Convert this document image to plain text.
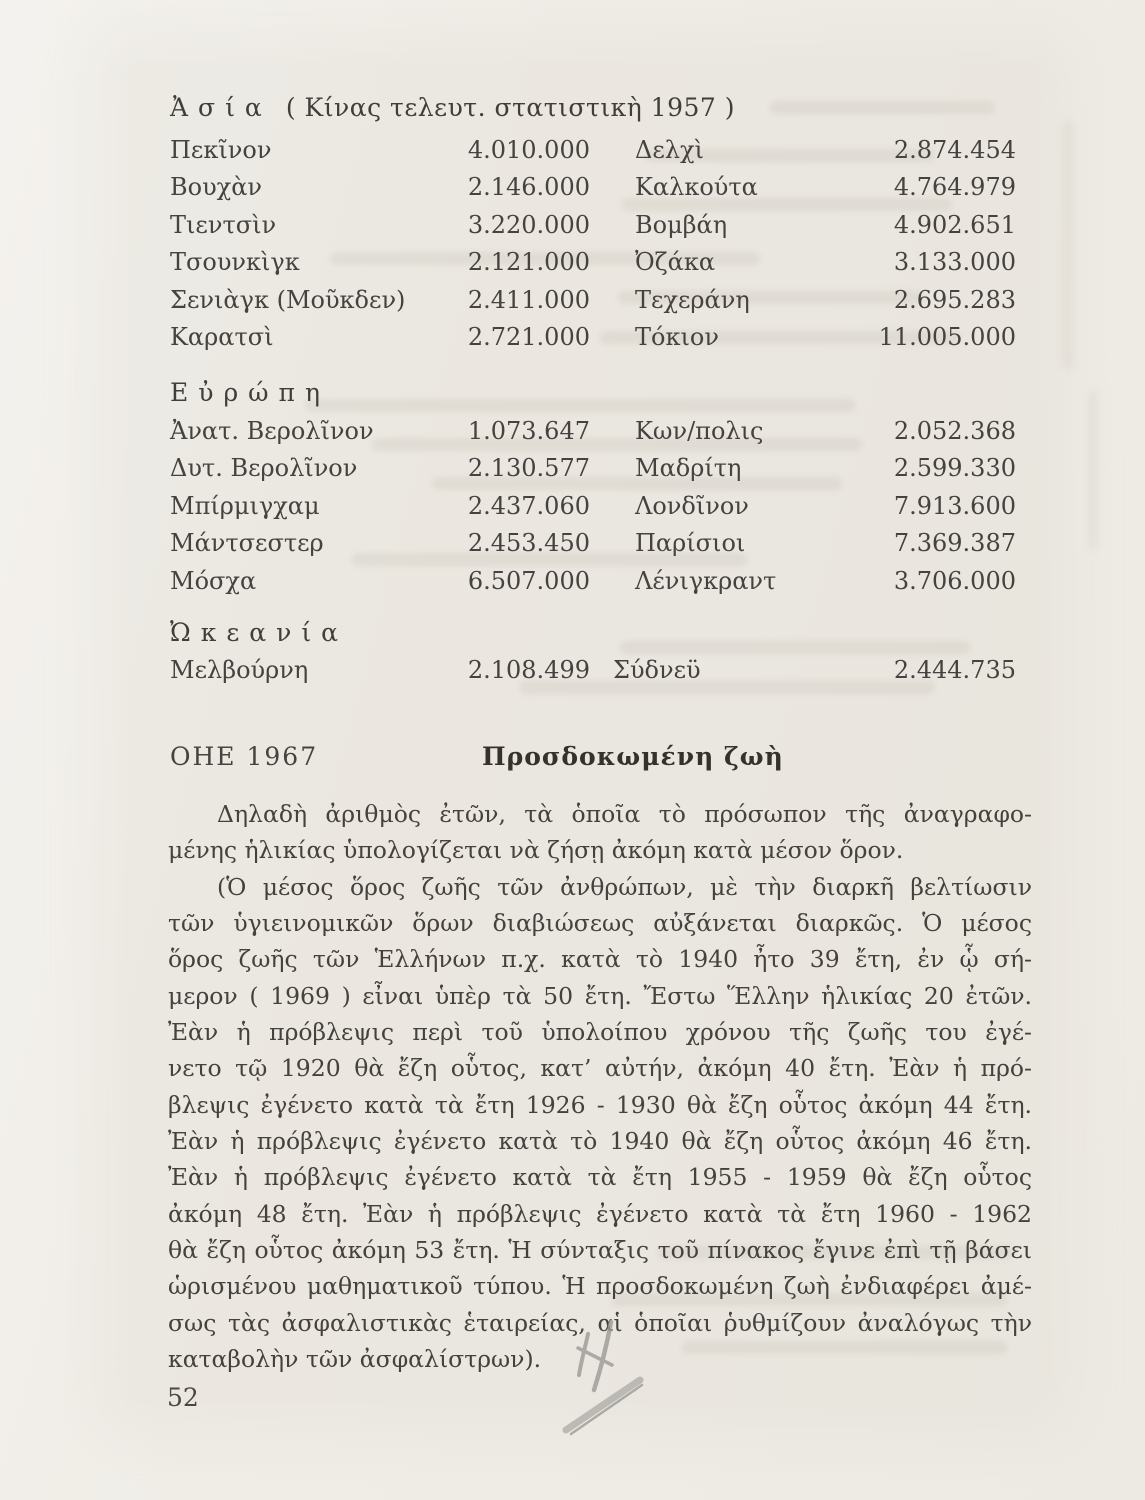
Ἀσία ( Κίνας τελευτ. στατιστικὴ 1957 )
Πεκῖνον	4.010.000 Δελχὶ	2.874.454
Βουχὰν	2.146.000 Καλκούτα	4.764.979
Τιεντσὶν	3.220.000 Βομβάη	4.902.651
Τσουνκὶγκ	2.121.000 Ὀζάκα	3.133.000
Σενιὰγκ (Μοῦκδεν)	2.411.000 Τεχεράνη	2.695.283
Καρατσὶ	2.721.000 Τόκιον	11.005.000
Εὐρώπη
Ἀνατ. Βερολῖνον	1.073.647 Κων/πολις	2.052.368
Δυτ. Βερολῖνον	2.130.577 Μαδρίτη	2.599.330
Μπίρμιγχαμ	2.437.060 Λονδῖνον	7.913.600
Μάντσεστερ	2.453.450 Παρίσιοι	7.369.387
Μόσχα	6.507.000 Λένιγκραντ	3.706.000
Ὠκεανία
Μελβούρνη	2.108.499 Σύδνεϋ	2.444.735
ΟΗΕ 1967	Προσδοκωμένη ζωὴ
Δηλαδὴ ἀριθμὸς ἐτῶν, τὰ ὁποῖα τὸ πρόσωπον τῆς ἀναγραφο-
μένης ἡλικίας ὑπολογίζεται νὰ ζήσῃ ἀκόμη κατὰ μέσον ὅρον.
(Ὁ μέσος ὅρος ζωῆς τῶν ἀνθρώπων, μὲ τὴν διαρκῆ βελτίωσιν
τῶν ὑγιεινομικῶν ὅρων διαβιώσεως αὐξάνεται διαρκῶς. Ὁ μέσος
ὅρος ζωῆς τῶν Ἑλλήνων π.χ. κατὰ τὸ 1940 ἦτο 39 ἔτη, ἐν ᾧ σή-
μερον ( 1969 ) εἶναι ὑπὲρ τὰ 50 ἔτη. Ἔστω Ἕλλην ἡλικίας 20 ἐτῶν.
Ἐὰν ἡ πρόβλεψις περὶ τοῦ ὑπολοίπου χρόνου τῆς ζωῆς του ἐγέ-
νετο τῷ 1920 θὰ ἔζη οὗτος, κατ’ αὐτήν, ἀκόμη 40 ἔτη. Ἐὰν ἡ πρό-
βλεψις ἐγένετο κατὰ τὰ ἔτη 1926 - 1930 θὰ ἔζη οὗτος ἀκόμη 44 ἔτη.
Ἐὰν ἡ πρόβλεψις ἐγένετο κατὰ τὸ 1940 θὰ ἔζη οὗτος ἀκόμη 46 ἔτη.
Ἐὰν ἡ πρόβλεψις ἐγένετο κατὰ τὰ ἔτη 1955 - 1959 θὰ ἔζη οὗτος
ἀκόμη 48 ἔτη. Ἐὰν ἡ πρόβλεψις ἐγένετο κατὰ τὰ ἔτη 1960 - 1962
θὰ ἔζη οὗτος ἀκόμη 53 ἔτη. Ἡ σύνταξις τοῦ πίνακος ἔγινε ἐπὶ τῇ βάσει
ὡρισμένου μαθηματικοῦ τύπου. Ἡ προσδοκωμένη ζωὴ ἐνδιαφέρει ἀμέ-
σως τὰς ἀσφαλιστικὰς ἑταιρείας, αἱ ὁποῖαι ῥυθμίζουν ἀναλόγως τὴν
καταβολὴν τῶν ἀσφαλίστρων).
52
